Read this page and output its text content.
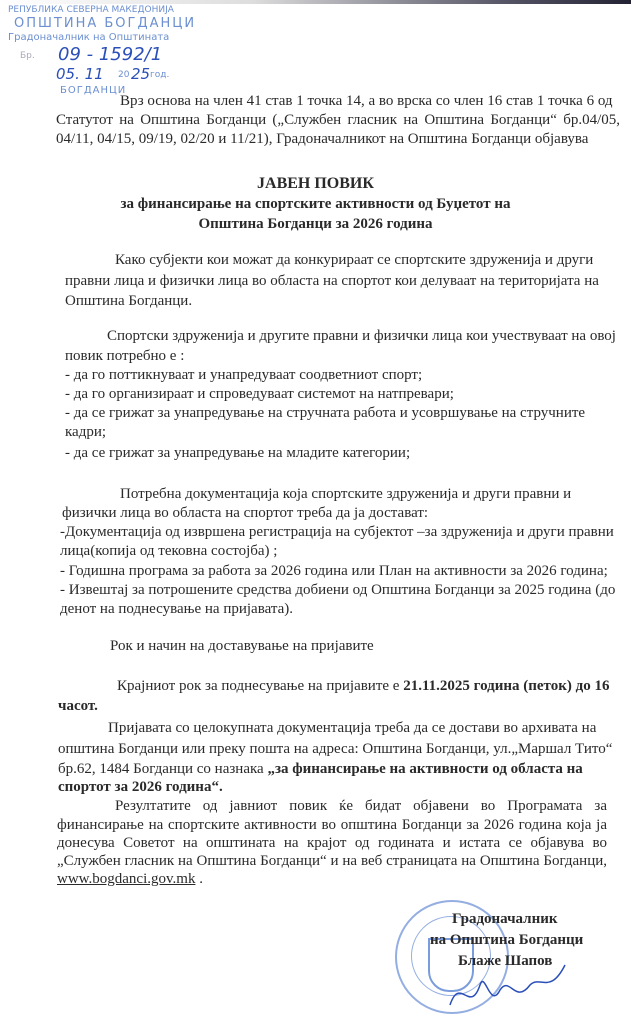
РЕПУБЛИКА СЕВЕРНА МАКЕДОНИЈА
ОПШТИНА БОГДАНЦИ
Градоначалник на Општината
Бр. 09 - 1592/1
05. 11 20 25 год.
БОГДАНЦИ
Врз основа на член 41 став 1 точка 14, а во врска со член 16 став 1 точка 6 од
Статутот на Општина Богданци („Службен гласник на Општина Богданци“ бр.04/05,
04/11, 04/15, 09/19, 02/20 и 11/21), Градоначалникот на Општина Богданци објавува
ЈАВЕН ПОВИК
за финансирање на спортските активности од Буџетот на
Општина Богданци за 2026 година
Како субјекти кои можат да конкурираат се спортските здруженија и други
правни лица и физички лица во областа на спортот кои делуваат на територијата на
Општина Богданци.
Спортски здруженија и другите правни и физички лица кои учествуваат на овој
повик потребно е :
- да го поттикнуваат и унапредуваат соодветниот спорт;
- да го организираат и спроведуваат системот на натпревари;
- да се грижат за унапредување на стручната работа и усовршување на стручните
кадри;
- да се грижат за унапредување на младите категории;
Потребна документација која спортските здруженија и други правни и
физички лица во областа на спортот треба да ја достават:
-Документација од извршена регистрација на субјектот –за здруженија и други правни
лица(копија од тековна состојба) ;
- Годишна програма за работа за 2026 година или План на активности за 2026 година;
- Извештај за потрошените средства добиени од Општина Богданци за 2025 година (до
денот на поднесување на пријавата).
Рок и начин на доставување на пријавите
Крајниот рок за поднесување на пријавите е 21.11.2025 година (петок) до 16
часот.
Пријавата со целокупната документација треба да се достави во архивата на
општина Богданци или преку пошта на адреса: Општина Богданци, ул.„Маршал Тито“
бр.62, 1484 Богданци со назнака „за финансирање на активности од областа на
спортот за 2026 година“.
Резултатите од јавниот повик ќе бидат објавени во Програмата за
финансирање на спортските активности во општина Богданци за 2026 година која ја
донесува Советот на општината на крајот од годината и истата се објавува во
„Службен гласник на Општина Богданци“ и на веб страницата на Општина Богданци,
www.bogdanci.gov.mk .
Градоначалник
на Општина Богданци
Блаже Шапов
